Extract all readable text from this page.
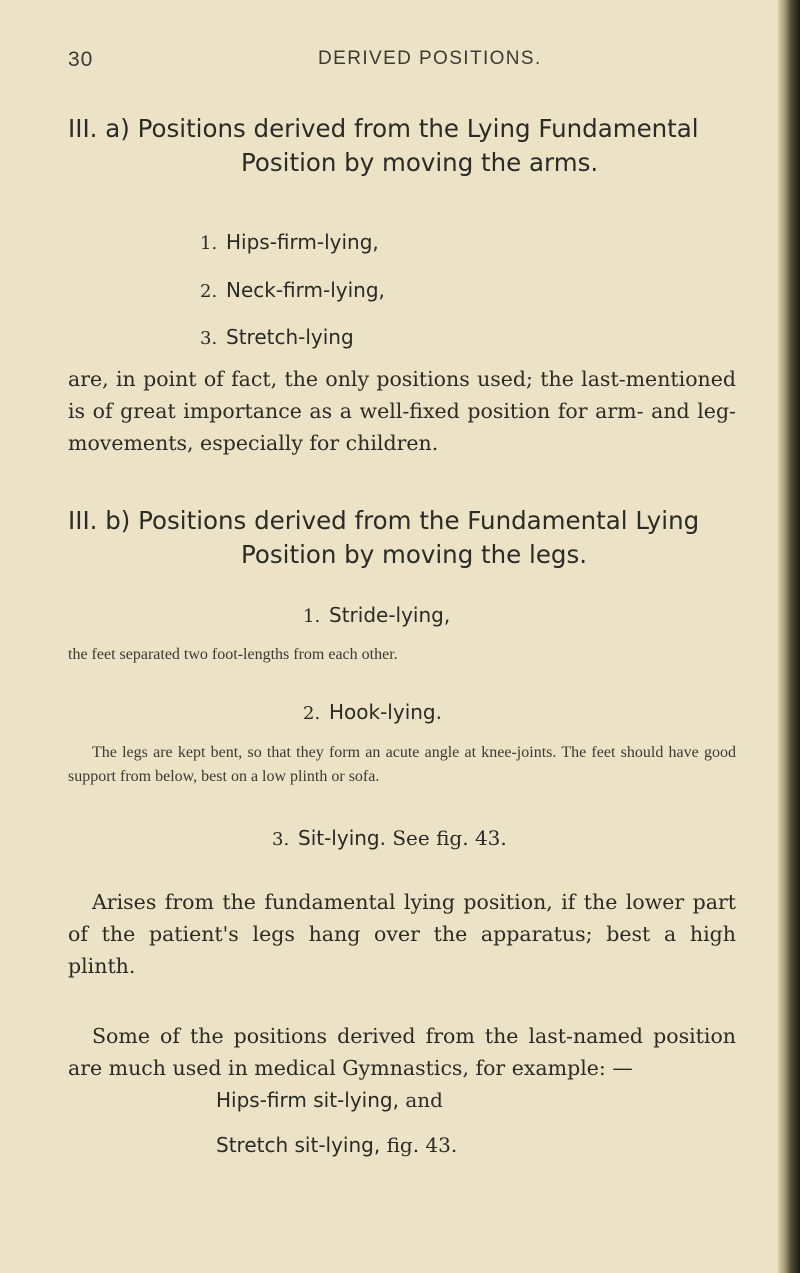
30	DERIVED POSITIONS.
III. a) Positions derived from the Lying Fundamental
Position by moving the arms.
1. Hips-firm-lying,
2. Neck-firm-lying,
3. Stretch-lying
are, in point of fact, the only positions used; the last-mentioned is of great importance as a well-fixed position for arm- and leg-movements, especially for children.
III. b) Positions derived from the Fundamental Lying
Position by moving the legs.
1. Stride-lying,
the feet separated two foot-lengths from each other.
2. Hook-lying.
The legs are kept bent, so that they form an acute angle at knee-joints. The feet should have good support from below, best on a low plinth or sofa.
3. Sit-lying. See fig. 43.
Arises from the fundamental lying position, if the lower part of the patient's legs hang over the apparatus; best a high plinth.
Some of the positions derived from the last-named position are much used in medical Gymnastics, for example: —
Hips-firm sit-lying, and
Stretch sit-lying, fig. 43.
